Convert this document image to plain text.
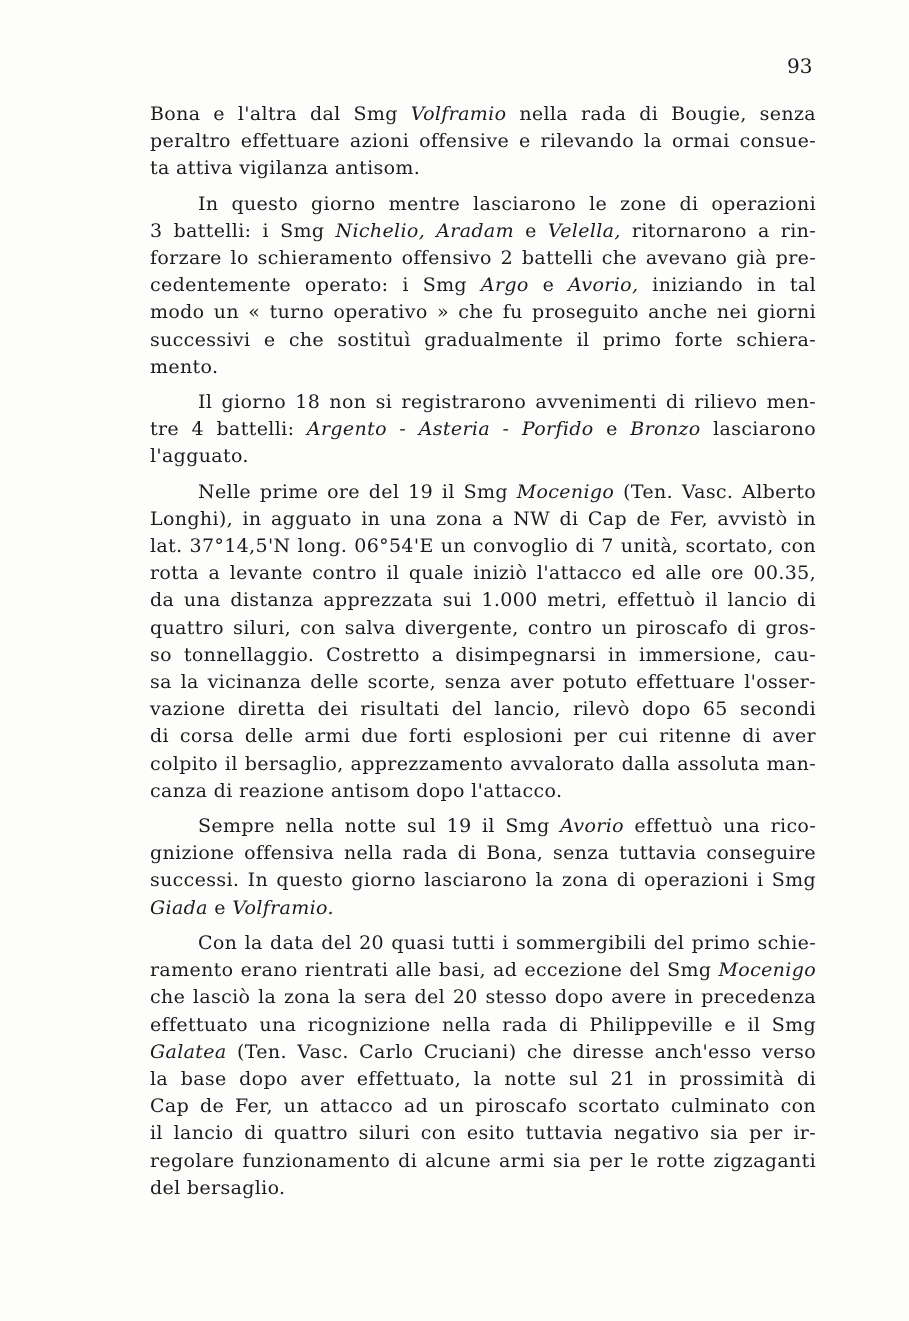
93

Bona e l'altra dal Smg Volframio nella rada di Bougie, senza
peraltro effettuare azioni offensive e rilevando la ormai consue-
ta attiva vigilanza antisom.
In questo giorno mentre lasciarono le zone di operazioni
3 battelli: i Smg Nichelio, Aradam e Velella, ritornarono a rin-
forzare lo schieramento offensivo 2 battelli che avevano già pre-
cedentemente operato: i Smg Argo e Avorio, iniziando in tal
modo un « turno operativo » che fu proseguito anche nei giorni
successivi e che sostituì gradualmente il primo forte schiera-
mento.
Il giorno 18 non si registrarono avvenimenti di rilievo men-
tre 4 battelli: Argento - Asteria - Porfido e Bronzo lasciarono
l'agguato.
Nelle prime ore del 19 il Smg Mocenigo (Ten. Vasc. Alberto
Longhi), in agguato in una zona a NW di Cap de Fer, avvistò in
lat. 37°14,5'N long. 06°54'E un convoglio di 7 unità, scortato, con
rotta a levante contro il quale iniziò l'attacco ed alle ore 00.35,
da una distanza apprezzata sui 1.000 metri, effettuò il lancio di
quattro siluri, con salva divergente, contro un piroscafo di gros-
so tonnellaggio. Costretto a disimpegnarsi in immersione, cau-
sa la vicinanza delle scorte, senza aver potuto effettuare l'osser-
vazione diretta dei risultati del lancio, rilevò dopo 65 secondi
di corsa delle armi due forti esplosioni per cui ritenne di aver
colpito il bersaglio, apprezzamento avvalorato dalla assoluta man-
canza di reazione antisom dopo l'attacco.
Sempre nella notte sul 19 il Smg Avorio effettuò una rico-
gnizione offensiva nella rada di Bona, senza tuttavia conseguire
successi. In questo giorno lasciarono la zona di operazioni i Smg
Giada e Volframio.
Con la data del 20 quasi tutti i sommergibili del primo schie-
ramento erano rientrati alle basi, ad eccezione del Smg Mocenigo
che lasciò la zona la sera del 20 stesso dopo avere in precedenza
effettuato una ricognizione nella rada di Philippeville e il Smg
Galatea (Ten. Vasc. Carlo Cruciani) che diresse anch'esso verso
la base dopo aver effettuato, la notte sul 21 in prossimità di
Cap de Fer, un attacco ad un piroscafo scortato culminato con
il lancio di quattro siluri con esito tuttavia negativo sia per ir-
regolare funzionamento di alcune armi sia per le rotte zigzaganti
del bersaglio.
